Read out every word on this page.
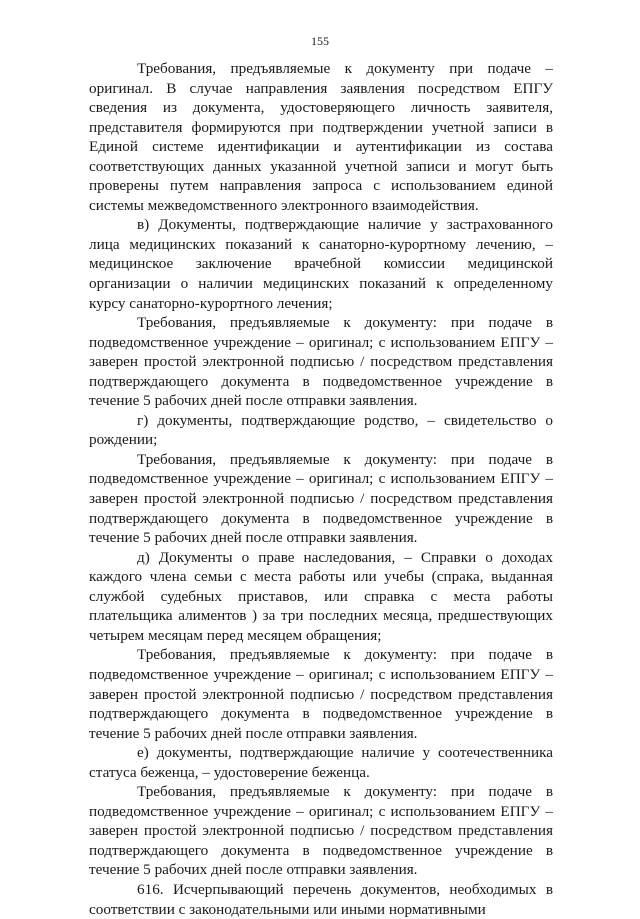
155

Требования, предъявляемые к документу при подаче – оригинал. В случае направления заявления посредством ЕПГУ сведения из документа, удостоверяющего личность заявителя, представителя формируются при подтверждении учетной записи в Единой системе идентификации и аутентификации из состава соответствующих данных указанной учетной записи и могут быть проверены путем направления запроса с использованием единой системы межведомственного электронного взаимодействия.

в) Документы, подтверждающие наличие у застрахованного лица медицинских показаний к санаторно-курортному лечению, – медицинское заключение врачебной комиссии медицинской организации о наличии медицинских показаний к определенному курсу санаторно-курортного лечения;

Требования, предъявляемые к документу: при подаче в подведомственное учреждение – оригинал; с использованием ЕПГУ – заверен простой электронной подписью / посредством представления подтверждающего документа в подведомственное учреждение в течение 5 рабочих дней после отправки заявления.

г) документы, подтверждающие родство, – свидетельство о рождении;

Требования, предъявляемые к документу: при подаче в подведомственное учреждение – оригинал; с использованием ЕПГУ – заверен простой электронной подписью / посредством представления подтверждающего документа в подведомственное учреждение в течение 5 рабочих дней после отправки заявления.

д) Документы о праве наследования, – Справки о доходах каждого члена семьи с места работы или учебы (спрака, выданная службой судебных приставов, или справка с места работы плательщика алиментов ) за три последних месяца, предшествующих четырем месяцам перед месяцем обращения;

Требования, предъявляемые к документу: при подаче в подведомственное учреждение – оригинал; с использованием ЕПГУ – заверен простой электронной подписью / посредством представления подтверждающего документа в подведомственное учреждение в течение 5 рабочих дней после отправки заявления.

е) документы, подтверждающие наличие у соотечественника статуса беженца, – удостоверение беженца.

Требования, предъявляемые к документу: при подаче в подведомственное учреждение – оригинал; с использованием ЕПГУ – заверен простой электронной подписью / посредством представления подтверждающего документа в подведомственное учреждение в течение 5 рабочих дней после отправки заявления.

616. Исчерпывающий перечень документов, необходимых в соответствии с законодательными или иными нормативными
